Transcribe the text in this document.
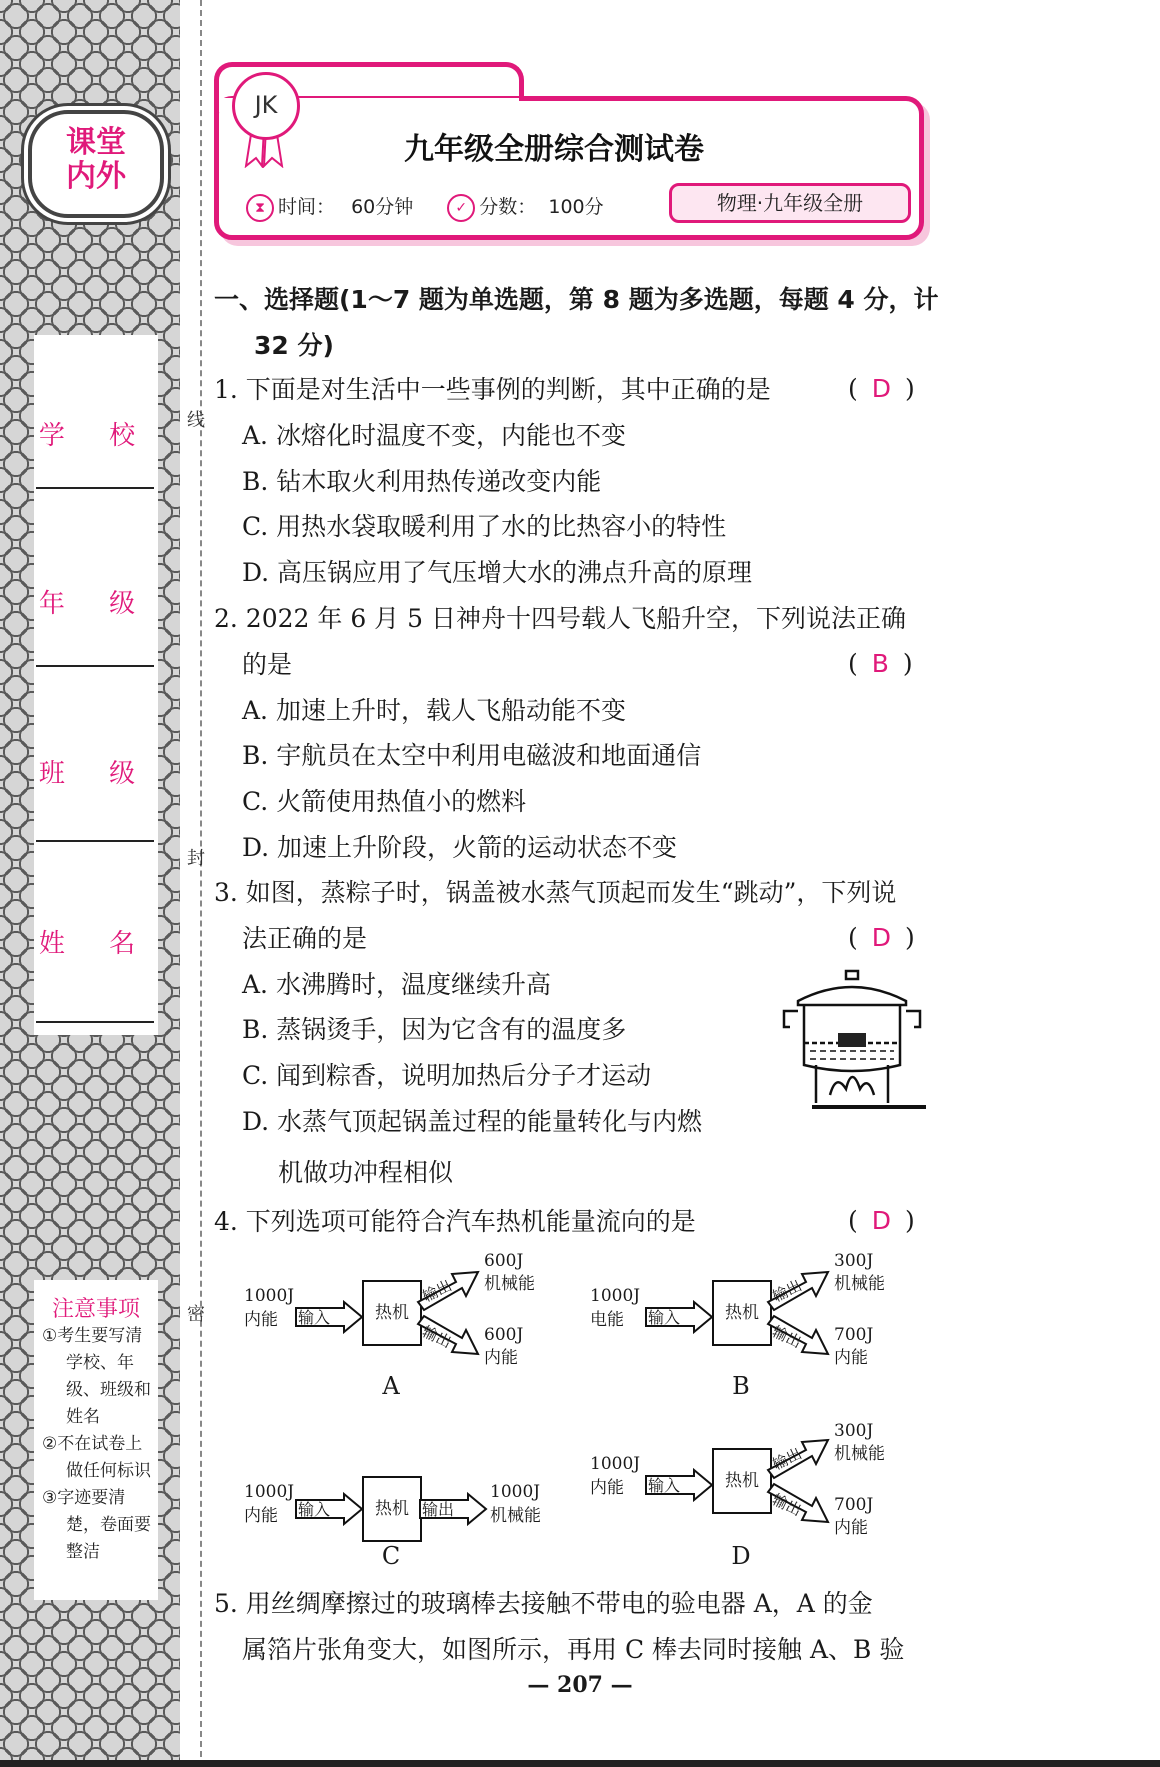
课堂
内外
学 校
年 级
班 级
姓 名
注意事项
①考生要写清学校、年级、班级和姓名
②不在试卷上做任何标识
③字迹要清楚，卷面要整洁
线
封
密
JK
九年级全册综合测试卷
⧗ 时间： 60分钟	✓ 分数： 100分	物理·九年级全册
一、选择题(1～7 题为单选题，第 8 题为多选题，每题 4 分，计
32 分)
1. 下面是对生活中一些事例的判断，其中正确的是	( D )
A. 冰熔化时温度不变，内能也不变
B. 钻木取火利用热传递改变内能
C. 用热水袋取暖利用了水的比热容小的特性
D. 高压锅应用了气压增大水的沸点升高的原理
2. 2022 年 6 月 5 日神舟十四号载人飞船升空，下列说法正确
的是	( B )
A. 加速上升时，载人飞船动能不变
B. 宇航员在太空中利用电磁波和地面通信
C. 火箭使用热值小的燃料
D. 加速上升阶段，火箭的运动状态不变
3. 如图，蒸粽子时，锅盖被水蒸气顶起而发生“跳动”，下列说
法正确的是	( D )
A. 水沸腾时，温度继续升高
B. 蒸锅烫手，因为它含有的温度多
C. 闻到粽香，说明加热后分子才运动
D. 水蒸气顶起锅盖过程的能量转化与内燃
机做功冲程相似
4. 下列选项可能符合汽车热机能量流向的是	( D )
1000J
内能	输入	热机
输出
输出
600J
机械能
600J
内能
A
1000J
电能	输入	热机
输出
输出
300J
机械能
700J
内能
B
1000J
内能	输入	热机 输出
1000J
机械能
C
1000J
内能	输入	热机
输出
输出
300J
机械能
700J
内能
D
5. 用丝绸摩擦过的玻璃棒去接触不带电的验电器 A，A 的金
属箔片张角变大，如图所示，再用 C 棒去同时接触 A、B 验
— 207 —
